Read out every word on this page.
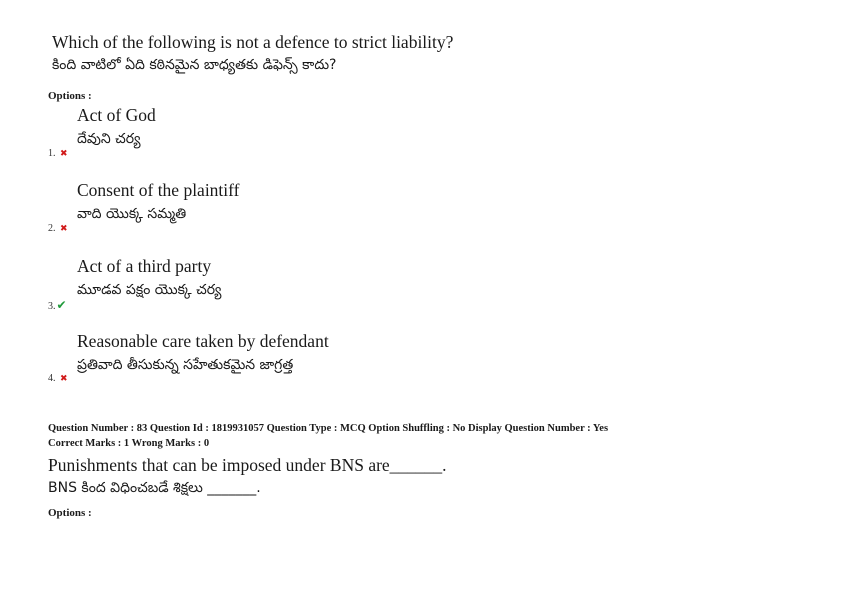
Which of the following is not a defence to strict liability?
కింది వాటిలో ఏది కఠినమైన బాధ్యతకు డిఫెన్స్ కాదు?
Options :
Act of God
దేవుని చర్య
1. ✖
Consent of the plaintiff
వాది యొక్క సమ్మతి
2. ✖
Act of a third party
మూడవ పక్షం యొక్క చర్య
3.✔
Reasonable care taken by defendant
ప్రతివాది తీసుకున్న సహేతుకమైన జాగ్రత్త
4. ✖
Question Number : 83 Question Id : 1819931057 Question Type : MCQ Option Shuffling : No Display Question Number : Yes
Correct Marks : 1 Wrong Marks : 0
Punishments that can be imposed under BNS are______.
BNS కింద విధించబడే శిక్షలు _______.
Options :
